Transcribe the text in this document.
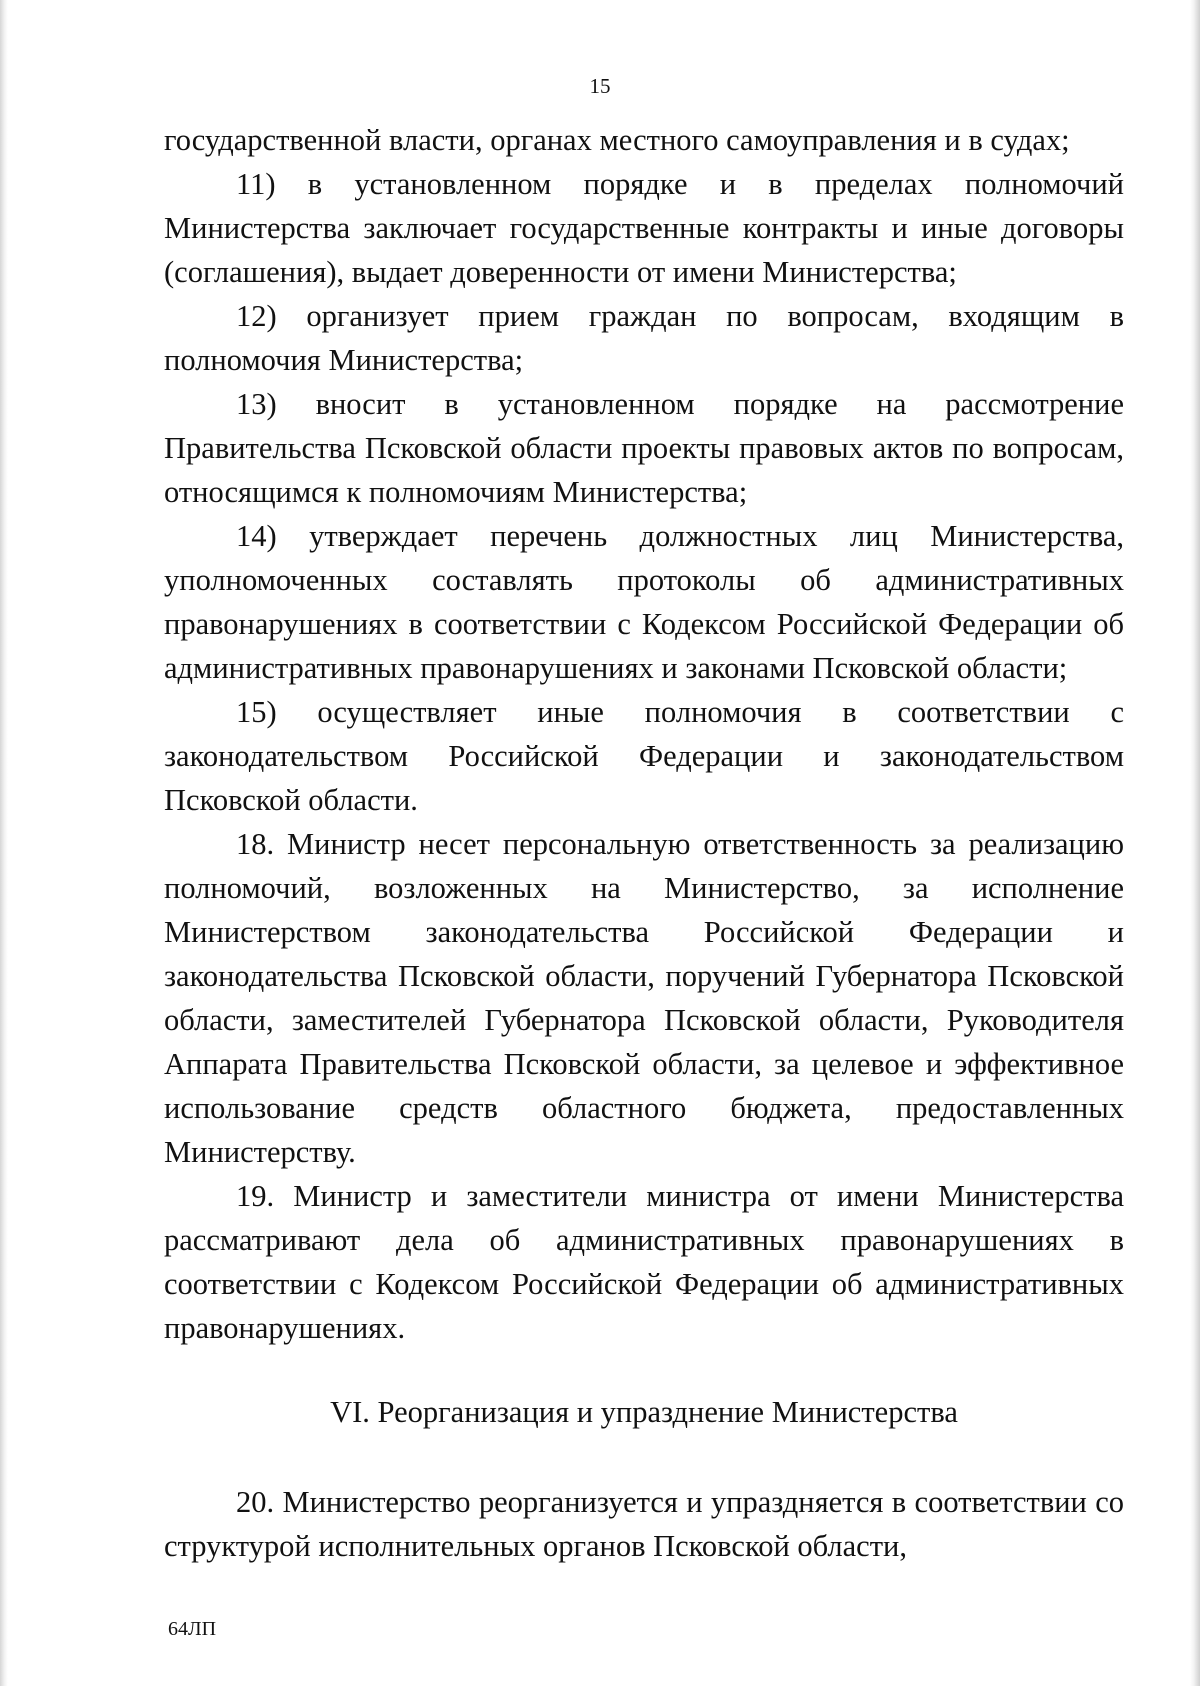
15

государственной власти, органах местного самоуправления и в судах;

11) в установленном порядке и в пределах полномочий Министерства заключает государственные контракты и иные договоры (соглашения), выдает доверенности от имени Министерства;

12) организует прием граждан по вопросам, входящим в полномочия Министерства;

13) вносит в установленном порядке на рассмотрение Правительства Псковской области проекты правовых актов по вопросам, относящимся к полномочиям Министерства;

14) утверждает перечень должностных лиц Министерства, уполномоченных составлять протоколы об административных правонарушениях в соответствии с Кодексом Российской Федерации об административных правонарушениях и законами Псковской области;

15) осуществляет иные полномочия в соответствии с законодательством Российской Федерации и законодательством Псковской области.

18. Министр несет персональную ответственность за реализацию полномочий, возложенных на Министерство, за исполнение Министерством законодательства Российской Федерации и законодательства Псковской области, поручений Губернатора Псковской области, заместителей Губернатора Псковской области, Руководителя Аппарата Правительства Псковской области, за целевое и эффективное использование средств областного бюджета, предоставленных Министерству.

19. Министр и заместители министра от имени Министерства рассматривают дела об административных правонарушениях в соответствии с Кодексом Российской Федерации об административных правонарушениях.

VI. Реорганизация и упразднение Министерства

20. Министерство реорганизуется и упраздняется в соответствии со структурой исполнительных органов Псковской области,

64ЛП
